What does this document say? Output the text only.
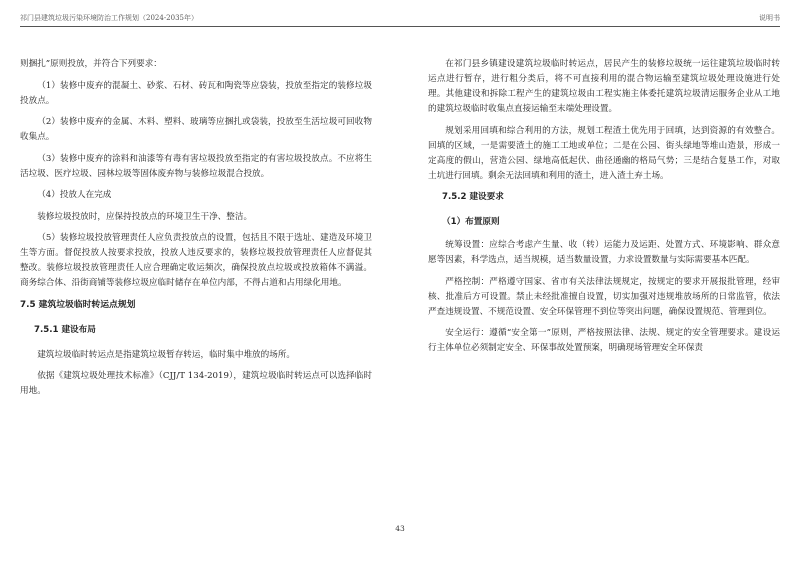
祁门县建筑垃圾污染环境防治工作规划（2024-2035年）	说明书

则捆扎”原则投放，并符合下列要求：

（1）装修中废弃的混凝土、砂浆、石材、砖瓦和陶瓷等应袋装，投放至指定的装修垃圾投放点。

（2）装修中废弃的金属、木料、塑料、玻璃等应捆扎或袋装，投放至生活垃圾可回收物收集点。

（3）装修中废弃的涂料和油漆等有毒有害垃圾投放至指定的有害垃圾投放点。不应将生活垃圾、医疗垃圾、园林垃圾等固体废弃物与装修垃圾混合投放。

（4）投放人在完成

装修垃圾投放时，应保持投放点的环境卫生干净、整洁。

（5）装修垃圾投放管理责任人应负责投放点的设置，包括且不限于选址、建造及环境卫生等方面。督促投放人按要求投放，投放人违反要求的，装修垃圾投放管理责任人应督促其整改。装修垃圾投放管理责任人应合理确定收运频次，确保投放点垃圾或投放箱体不满溢。商务综合体、沿街商铺等装修垃圾应临时储存在单位内部，不得占道和占用绿化用地。

7.5 建筑垃圾临时转运点规划
7.5.1 建设布局

建筑垃圾临时转运点是指建筑垃圾暂存转运，临时集中堆放的场所。

依据《建筑垃圾处理技术标准》（CJJ/T 134-2019），建筑垃圾临时转运点可以选择临时用地。

在祁门县乡镇建设建筑垃圾临时转运点，居民产生的装修垃圾统一运往建筑垃圾临时转运点进行暂存，进行粗分类后，将不可直接利用的混合物运输至建筑垃圾处理设施进行处理。其他建设和拆除工程产生的建筑垃圾由工程实施主体委托建筑垃圾清运服务企业从工地的建筑垃圾临时收集点直接运输至末端处理设置。

规划采用回填和综合利用的方法，规划工程渣土优先用于回填，达到资源的有效整合。回填的区域，一是需要渣土的施工工地或单位；二是在公园、街头绿地等堆山造景，形成一定高度的假山，营造公园、绿地高低起伏、曲径通幽的格局气势；三是结合复垦工作，对取土坑进行回填。剩余无法回填和利用的渣土，进入渣土弃土场。

7.5.2 建设要求
（1）布置原则

统筹设置：应综合考虑产生量、收（转）运能力及运距、处置方式、环境影响、群众意愿等因素，科学选点，适当规模，适当数量设置，力求设置数量与实际需要基本匹配。

严格控制：严格遵守国家、省市有关法律法规规定，按规定的要求开展报批管理，经审核、批准后方可设置。禁止未经批准擅自设置，切实加强对违规堆放场所的日常监管，依法严查违规设置、不规范设置、安全环保管理不到位等突出问题，确保设置规范、管理到位。

安全运行：遵循“安全第一”原则，严格按照法律、法规、规定的安全管理要求。建设运行主体单位必须制定安全、环保事故处置预案，明确现场管理安全环保责

43
